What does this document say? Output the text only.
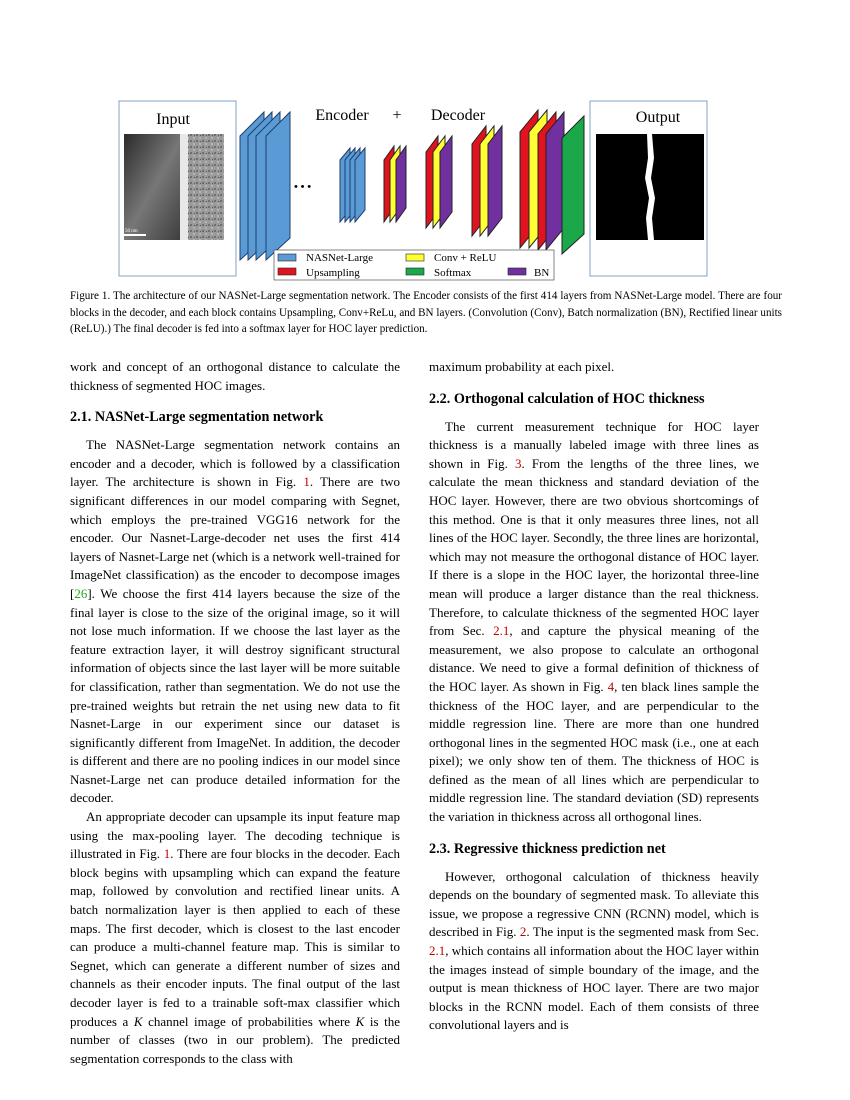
Input
50 nm
• • •
Encoder + Decoder	Output
NASNet-Large	Conv + ReLU
Upsampling	Softmax	BN
Figure 1. The architecture of our NASNet-Large segmentation network. The Encoder consists of the first 414 layers from NASNet-Large model. There are four blocks in the decoder, and each block contains Upsampling, Conv+ReLu, and BN layers. (Convolution (Conv), Batch normalization (BN), Rectified linear units (ReLU).) The final decoder is fed into a softmax layer for HOC layer prediction.

work and concept of an orthogonal distance to calculate the thickness of segmented HOC images.

2.1. NASNet-Large segmentation network

The NASNet-Large segmentation network contains an encoder and a decoder, which is followed by a classification layer. The architecture is shown in Fig. 1. There are two significant differences in our model comparing with Segnet, which employs the pre-trained VGG16 network for the encoder. Our Nasnet-Large-decoder net uses the first 414 layers of Nasnet-Large net (which is a network well-trained for ImageNet classification) as the encoder to decompose images [26]. We choose the first 414 layers because the size of the final layer is close to the size of the original image, so it will not lose much information. If we choose the last layer as the feature extraction layer, it will destroy significant structural information of objects since the last layer will be more suitable for classification, rather than segmentation. We do not use the pre-trained weights but retrain the net using new data to fit Nasnet-Large in our experiment since our dataset is significantly different from ImageNet. In addition, the decoder is different and there are no pooling indices in our model since Nasnet-Large net can produce detailed information for the decoder.

An appropriate decoder can upsample its input feature map using the max-pooling layer. The decoding technique is illustrated in Fig. 1. There are four blocks in the decoder. Each block begins with upsampling which can expand the feature map, followed by convolution and rectified linear units. A batch normalization layer is then applied to each of these maps. The first decoder, which is closest to the last encoder can produce a multi-channel feature map. This is similar to Segnet, which can generate a different number of sizes and channels as their encoder inputs. The final output of the last decoder layer is fed to a trainable soft-max classifier which produces a K channel image of probabilities where K is the number of classes (two in our problem). The predicted segmentation corresponds to the class with

maximum probability at each pixel.

2.2. Orthogonal calculation of HOC thickness

The current measurement technique for HOC layer thickness is a manually labeled image with three lines as shown in Fig. 3. From the lengths of the three lines, we calculate the mean thickness and standard deviation of the HOC layer. However, there are two obvious shortcomings of this method. One is that it only measures three lines, not all lines of the HOC layer. Secondly, the three lines are horizontal, which may not measure the orthogonal distance of HOC layer. If there is a slope in the HOC layer, the horizontal three-line mean will produce a larger distance than the real thickness. Therefore, to calculate thickness of the segmented HOC layer from Sec. 2.1, and capture the physical meaning of the measurement, we also propose to calculate an orthogonal distance. We need to give a formal definition of thickness of the HOC layer. As shown in Fig. 4, ten black lines sample the thickness of the HOC layer, and are perpendicular to the middle regression line. There are more than one hundred orthogonal lines in the segmented HOC mask (i.e., one at each pixel); we only show ten of them. The thickness of HOC is defined as the mean of all lines which are perpendicular to middle regression line. The standard deviation (SD) represents the variation in thickness across all orthogonal lines.

2.3. Regressive thickness prediction net

However, orthogonal calculation of thickness heavily depends on the boundary of segmented mask. To alleviate this issue, we propose a regressive CNN (RCNN) model, which is described in Fig. 2. The input is the segmented mask from Sec. 2.1, which contains all information about the HOC layer within the images instead of simple boundary of the image, and the output is mean thickness of HOC layer. There are two major blocks in the RCNN model. Each of them consists of three convolutional layers and is
